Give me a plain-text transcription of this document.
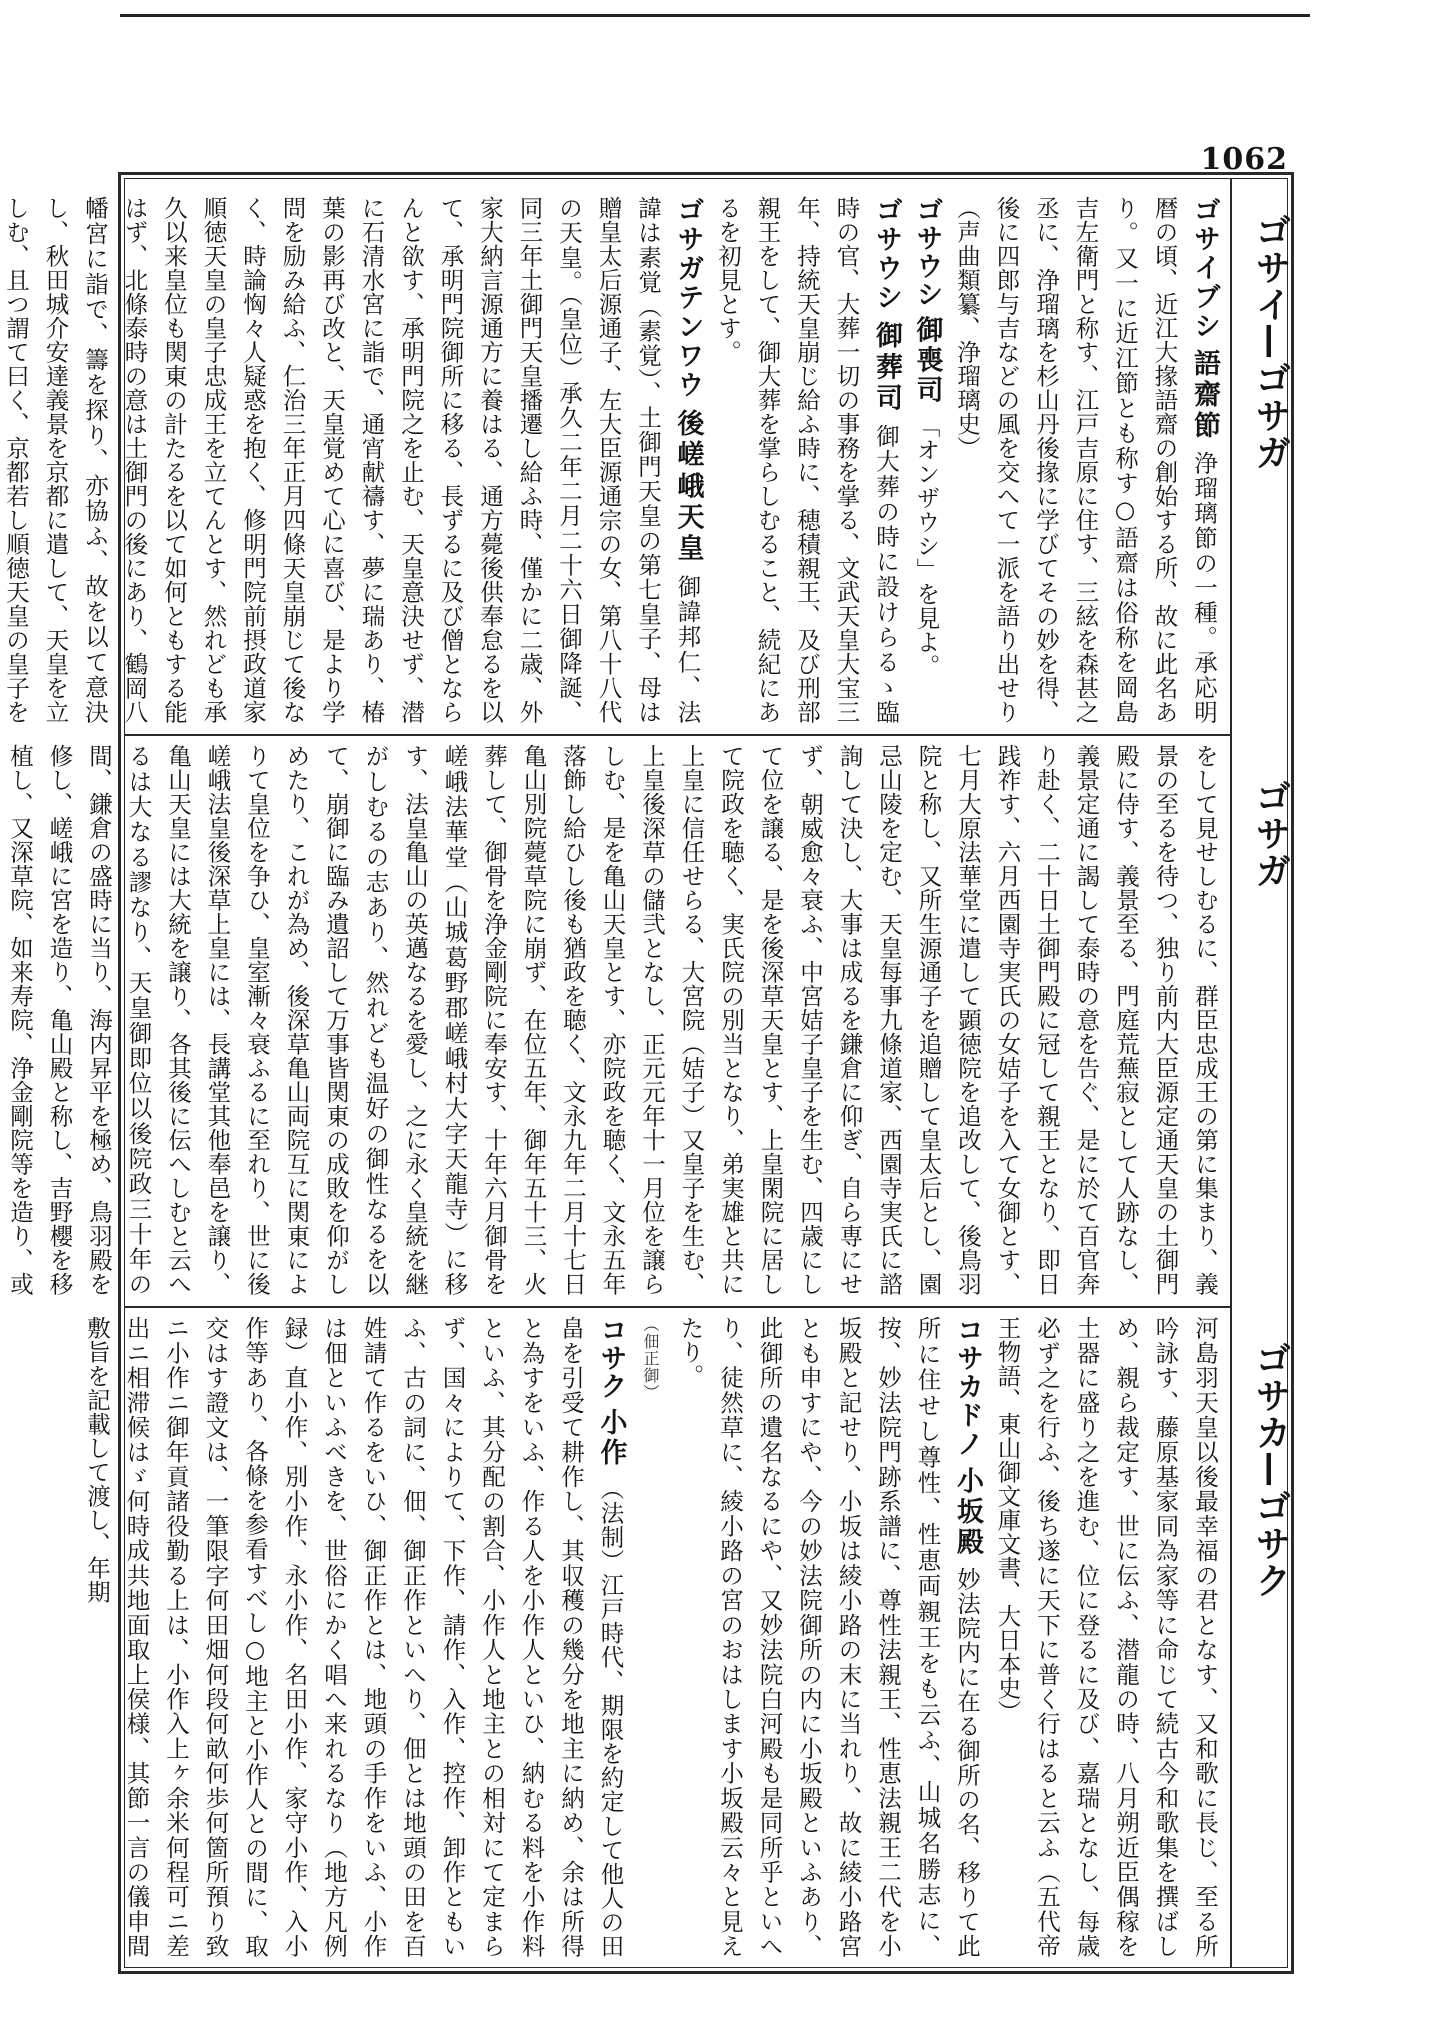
1062
ゴサイ—ゴサガ
ゴサガ
ゴサカ—ゴサク

ゴサイブシ 語齋節 浄瑠璃節の一種。承応明暦の頃、近江大掾語齋の創始する所、故に此名あり。又一に近江節とも称す○語齋は俗称を岡島吉左衛門と称す、江戸吉原に住す、三絃を森甚之丞に、浄瑠璃を杉山丹後掾に学びてその妙を得、後に四郎与吉などの風を交へて一派を語り出せり（声曲類纂、浄瑠璃史）

ゴサウシ 御喪司 「オンザウシ」を見よ。

ゴサウシ 御葬司 御大葬の時に設けらるゝ臨時の官、大葬一切の事務を掌る、文武天皇大宝三年、持統天皇崩じ給ふ時に、穂積親王、及び刑部親王をして、御大葬を掌らしむること、続紀にあるを初見とす。

ゴサガテンワウ 後嵯峨天皇 御諱邦仁、法諱は素覚（素覚）、土御門天皇の第七皇子、母は贈皇太后源通子、左大臣源通宗の女、第八十八代の天皇。（皇位）承久二年二月二十六日御降誕、同三年土御門天皇播遷し給ふ時、僅かに二歳、外家大納言源通方に養はる、通方薨後供奉怠るを以て、承明門院御所に移る、長ずるに及び僧とならんと欲す、承明門院之を止む、天皇意決せず、潜に石清水宮に詣で、通宵献禱す、夢に瑞あり、椿葉の影再び改と、天皇覚めて心に喜び、是より学問を励み給ふ、仁治三年正月四條天皇崩じて後なく、時論恟々人疑惑を抱く、修明門院前摂政道家順徳天皇の皇子忠成王を立てんとす、然れども承久以来皇位も関東の計たるを以て如何ともする能はず、北條泰時の意は土御門の後にあり、鶴岡八幡宮に詣で、籌を探り、亦協ふ、故を以て意決し、秋田城介安達義景を京都に遣して、天皇を立しむ、且つ謂て曰く、京都若し順徳天皇の皇子を

をして見せしむるに、群臣忠成王の第に集まり、義景の至るを待つ、独り前内大臣源定通天皇の土御門殿に侍す、義景至る、門庭荒蕪寂として人跡なし、義景定通に謁して泰時の意を告ぐ、是に於て百官奔り赴く、二十日土御門殿に冠して親王となり、即日践祚す、六月西園寺実氏の女姞子を入て女御とす、七月大原法華堂に遣して顕徳院を追改して、後鳥羽院と称し、又所生源通子を追贈して皇太后とし、園忌山陵を定む、天皇每事九條道家、西園寺実氏に諮詢して決し、大事は成るを鎌倉に仰ぎ、自ら専にせず、朝威愈々衰ふ、中宮姞子皇子を生む、四歳にして位を譲る、是を後深草天皇とす、上皇閑院に居して院政を聴く、実氏院の別当となり、弟実雄と共に上皇に信任せらる、大宮院（姞子）又皇子を生む、上皇後深草の儲弐となし、正元元年十一月位を譲らしむ、是を亀山天皇とす、亦院政を聴く、文永五年落飾し給ひし後も猶政を聴く、文永九年二月十七日亀山別院薨草院に崩ず、在位五年、御年五十三、火葬して、御骨を浄金剛院に奉安す、十年六月御骨を嵯峨法華堂（山城葛野郡嵯峨村大字天龍寺）に移す、法皇亀山の英邁なるを愛し、之に永く皇統を継がしむるの志あり、然れども温好の御性なるを以て、崩御に臨み遺詔して万事皆関東の成敗を仰がしめたり、これが為め、後深草亀山両院互に関東によりて皇位を争ひ、皇室漸々衰ふるに至れり、世に後嵯峨法皇後深草上皇には、長講堂其他奉邑を譲り、亀山天皇には大統を譲り、各其後に伝へしむと云へるは大なる謬なり、天皇御即位以後院政三十年の間、鎌倉の盛時に当り、海内昇平を極め、鳥羽殿を修し、嵯峨に宮を造り、亀山殿と称し、吉野櫻を移植し、又深草院、如来寿院、浄金剛院等を造り、或

河島羽天皇以後最幸福の君となす、又和歌に長じ、至る所吟詠す、藤原基家同為家等に命じて続古今和歌集を撰ばしめ、親ら裁定す、世に伝ふ、潜龍の時、八月朔近臣偶稼を土器に盛り之を進む、位に登るに及び、嘉瑞となし、每歳必ず之を行ふ、後ち遂に天下に普く行はると云ふ（五代帝王物語、東山御文庫文書、大日本史）

コサカドノ 小坂殿 妙法院内に在る御所の名、移りて此所に住せし尊性、性恵両親王をも云ふ、山城名勝志に、按、妙法院門跡系譜に、尊性法親王、性恵法親王二代を小坂殿と記せり、小坂は綾小路の末に当れり、故に綾小路宮とも申すにや、今の妙法院御所の内に小坂殿といふあり、此御所の遺名なるにや、又妙法院白河殿も是同所乎といへり、徒然草に、綾小路の宮のおはします小坂殿云々と見えたり。

（佃正御）
コサク 小作 （法制）江戸時代、期限を約定して他人の田畠を引受て耕作し、其収穫の幾分を地主に納め、余は所得と為すをいふ、作る人を小作人といひ、納むる料を小作料といふ、其分配の割合、小作人と地主との相対にて定まらず、国々によりて、下作、請作、入作、控作、卸作ともいふ、古の詞に、佃、御正作といへり、佃とは地頭の田を百姓請て作るをいひ、御正作とは、地頭の手作をいふ、小作は佃といふべきを、世俗にかく唱へ来れるなり（地方凡例録）直小作、別小作、永小作、名田小作、家守小作、入小作等あり、各條を参看すべし○地主と小作人との間に、取交はす證文は、一筆限字何田畑何段何畝何歩何箇所預り致ニ小作ニ御年貢諸役勤る上は、小作入上ヶ余米何程可ニ差出ニ相滞候はゞ何時成共地面取上侯様、其節一言の儀申間敷旨を記載して渡し、年期
